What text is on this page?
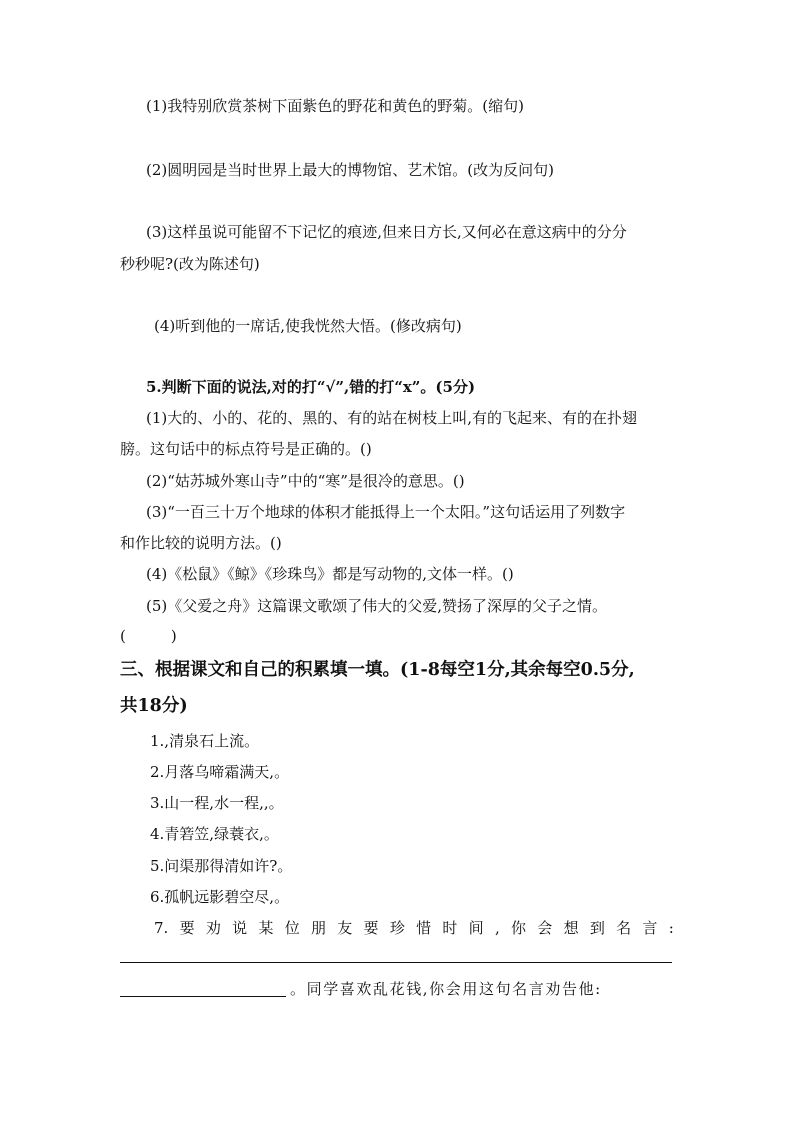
(1)我特别欣赏茶树下面紫色的野花和黄色的野菊。(缩句)
(2)圆明园是当时世界上最大的博物馆、艺术馆。(改为反问句)
(3)这样虽说可能留不下记忆的痕迹,但来日方长,又何必在意这病中的分分
秒秒呢?(改为陈述句)
(4)听到他的一席话,使我恍然大悟。(修改病句)
5.判断下面的说法,对的打“√”,错的打“x”。(5分)
(1)大的、小的、花的、黑的、有的站在树枝上叫,有的飞起来、有的在扑翅
膀。这句话中的标点符号是正确的。()
(2)“姑苏城外寒山寺”中的“寒”是很冷的意思。()
(3)“一百三十万个地球的体积才能抵得上一个太阳。”这句话运用了列数字
和作比较的说明方法。()
(4)《松鼠》《鲸》《珍珠鸟》都是写动物的,文体一样。()
(5)《父爱之舟》这篇课文歌颂了伟大的父爱,赞扬了深厚的父子之情。
(　　　)
三、根据课文和自己的积累填一填。(1-8每空1分,其余每空0.5分,
共18分)
1.,清泉石上流。
2.月落乌啼霜满天,。
3.山一程,水一程,,。
4.青箬笠,绿蓑衣,。
5.问渠那得清如许?。
6.孤帆远影碧空尽,。
7. 要 劝 说 某 位 朋 友 要 珍 惜 时 间 , 你 会 想 到 名 言 :
。同学喜欢乱花钱,你会用这句名言劝告他:
